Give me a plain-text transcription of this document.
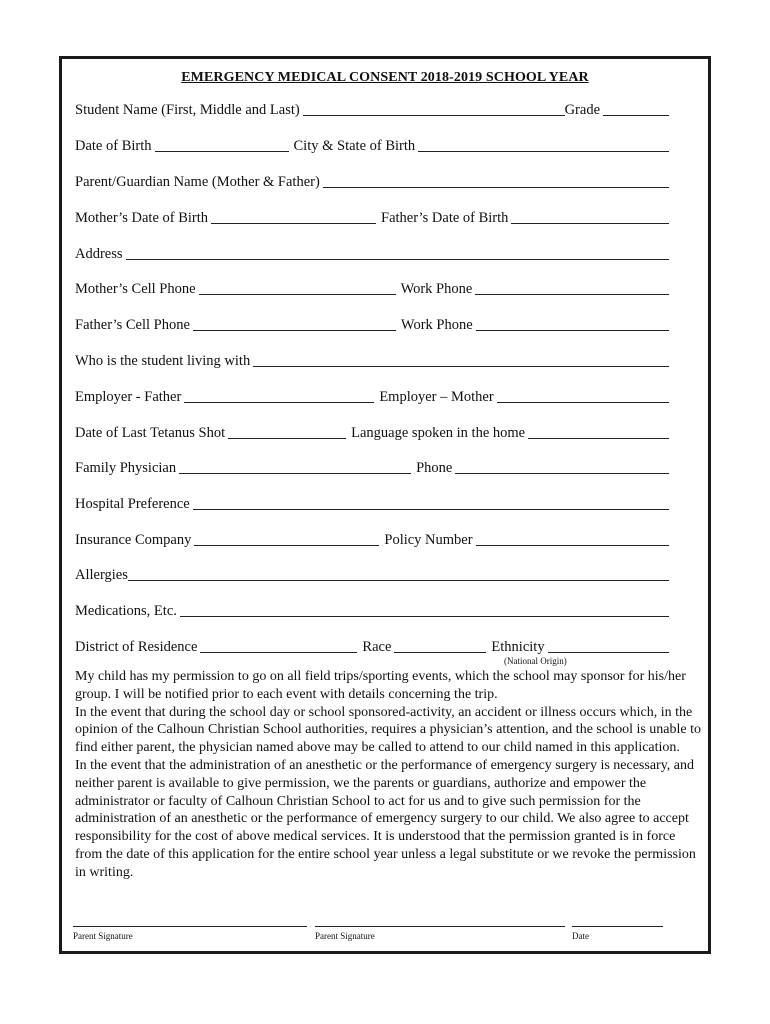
EMERGENCY MEDICAL CONSENT 2018-2019 SCHOOL YEAR
Student Name (First, Middle and Last)	Grade
Date of Birth	City & State of Birth
Parent/Guardian Name (Mother & Father)
Mother’s Date of Birth	Father’s Date of Birth
Address
Mother’s Cell Phone	Work Phone
Father’s Cell Phone	Work Phone
Who is the student living with
Employer - Father	Employer – Mother
Date of Last Tetanus Shot	Language spoken in the home
Family Physician	Phone
Hospital Preference
Insurance Company	Policy Number
Allergies
Medications, Etc.
District of Residence	Race	Ethnicity
(National Origin)

My child has my permission to go on all field trips/sporting events, which the school may sponsor for his/her group. I will be notified prior to each event with details concerning the trip.

In the event that during the school day or school sponsored-activity, an accident or illness occurs which, in the opinion of the Calhoun Christian School authorities, requires a physician’s attention, and the school is unable to find either parent, the physician named above may be called to attend to our child named in this application.

In the event that the administration of an anesthetic or the performance of emergency surgery is necessary, and neither parent is available to give permission, we the parents or guardians, authorize and empower the administrator or faculty of Calhoun Christian School to act for us and to give such permission for the administration of an anesthetic or the performance of emergency surgery to our child. We also agree to accept responsibility for the cost of above medical services. It is understood that the permission granted is in force from the date of this application for the entire school year unless a legal substitute or we revoke the permission in writing.

Parent Signature	Parent Signature	Date
